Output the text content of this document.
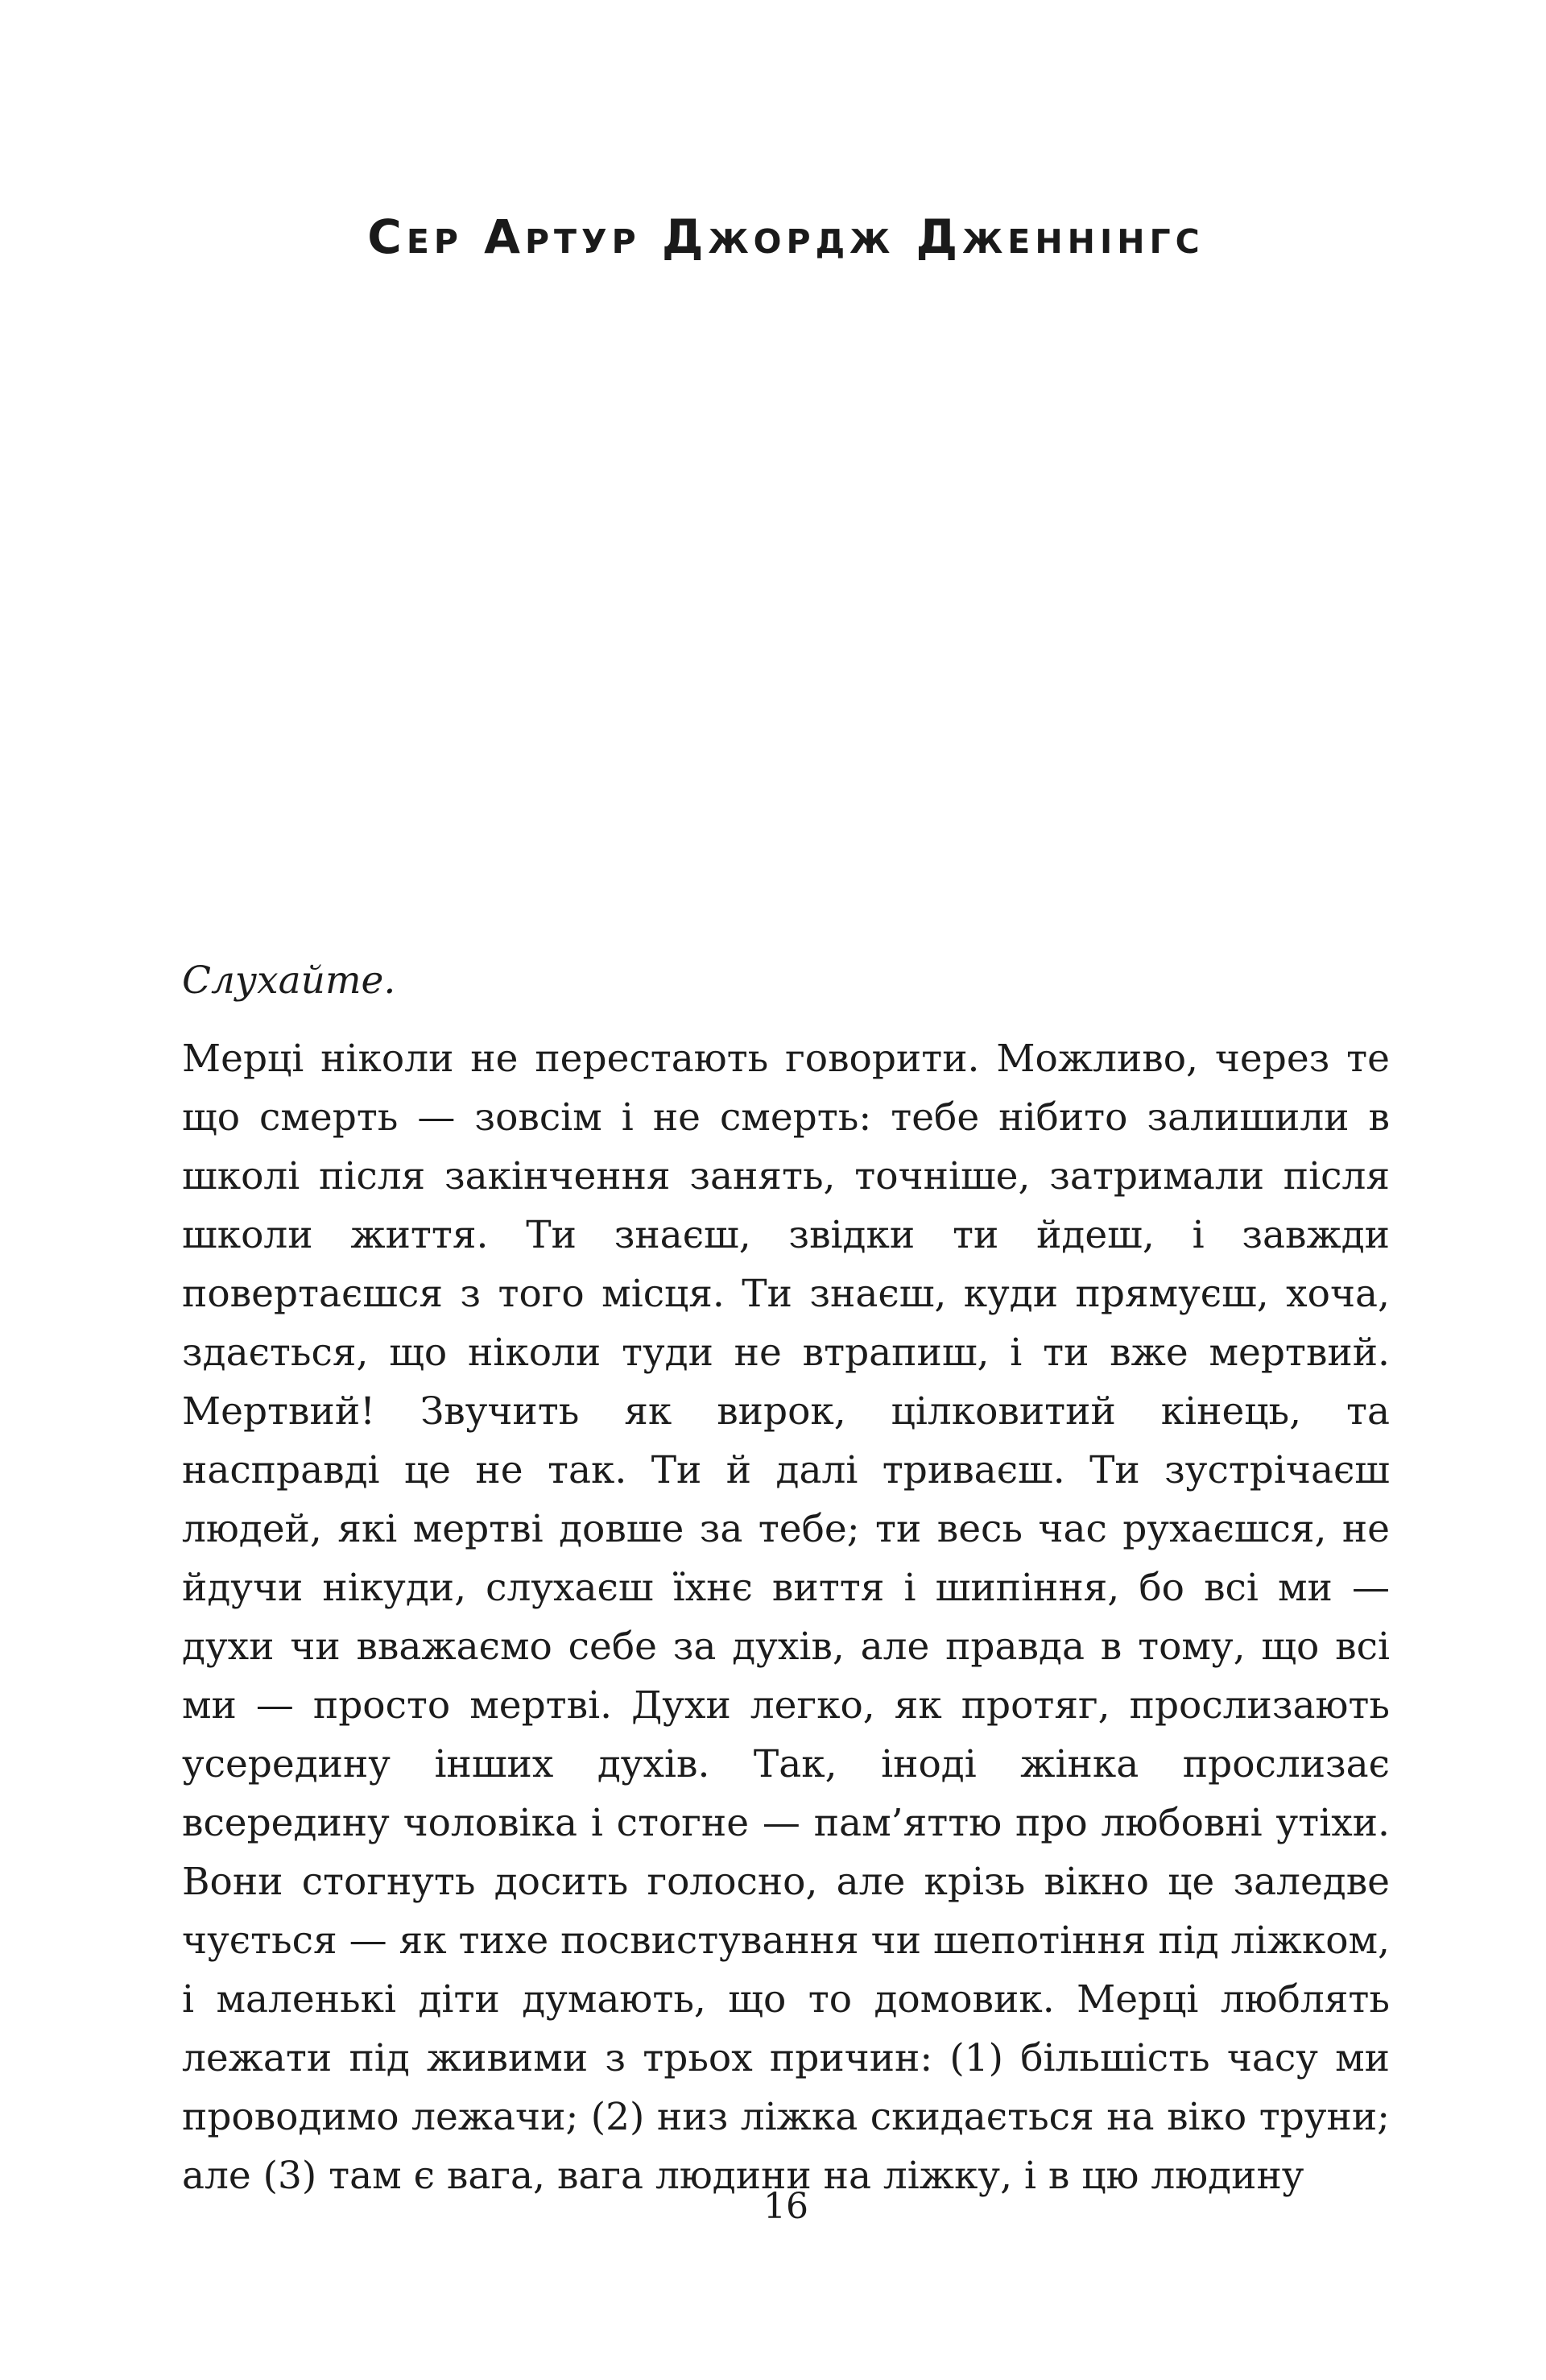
Сер Артур Джордж Дженнінгс

Слухайте.

Мерці ніколи не перестають говорити. Можливо, через те що смерть — зовсім і не смерть: тебе нібито залишили в школі після закінчення занять, точніше, затримали після школи життя. Ти знаєш, звідки ти йдеш, і завжди повертаєшся з того місця. Ти знаєш, куди прямуєш, хоча, здається, що ніколи туди не втрапиш, і ти вже мертвий. Мертвий! Звучить як вирок, цілковитий кінець, та насправді це не так. Ти й далі триваєш. Ти зустрічаєш людей, які мертві довше за тебе; ти весь час рухаєшся, не йдучи нікуди, слухаєш їхнє виття і шипіння, бо всі ми — духи чи вважаємо себе за духів, але правда в тому, що всі ми — просто мертві. Духи легко, як протяг, прослизають усередину інших духів. Так, іноді жінка прослизає всередину чоловіка і стогне — пам’яттю про любовні утіхи. Вони стогнуть досить голосно, але крізь вікно це заледве чується — як тихе посвистування чи шепотіння під ліжком, і маленькі діти думають, що то домовик. Мерці люблять лежати під живими з трьох причин: (1) більшість часу ми проводимо лежачи; (2) низ ліжка скидається на віко труни; але (3) там є вага, вага людини на ліжку, і в цю людину

16
